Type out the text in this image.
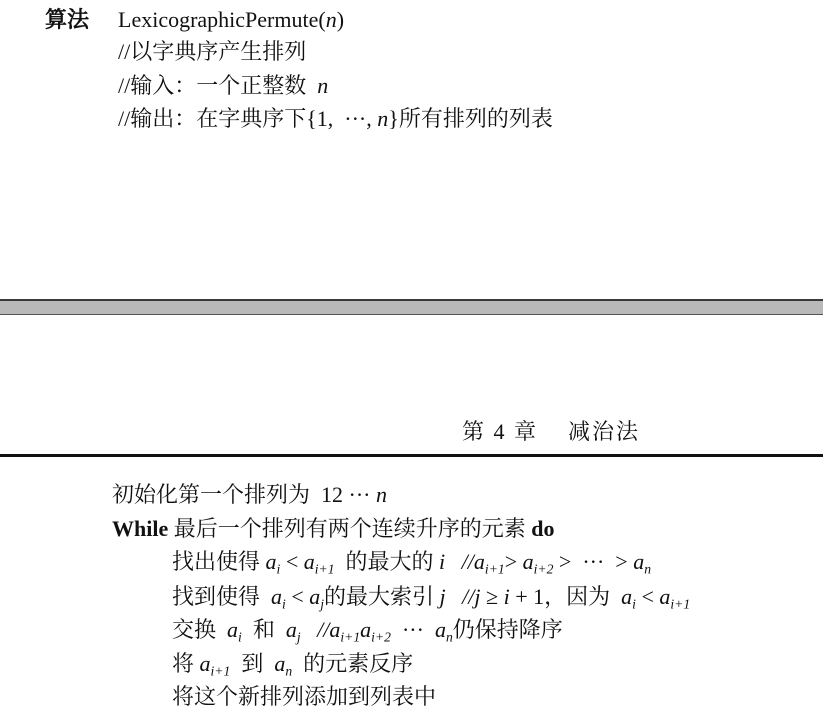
算法	LexicographicPermute( n )
//以字典序产生排列
//输入：一个正整数 n
//输出：在字典序下{1,  ···, n }所有排列的列表
第 4 章 减治法
初始化第一个排列为  12 ··· n
While 最后一个排列有两个连续升序的元素 do
找出使得 $a_i < a_{i+1}$ 的最大的 $i // a_{i+1} > a_{i+2}$ >  ···  > $a_n$
找到使得 $a_i < a_j$ 的最大索引 j // j ≥ i + 1，因为 $a_i < a_{i+1}$
交换 $a_i$ 和 $a_j // a_{i+1}$ $a_{i+2}$ ··· $a_n$ 仍保持降序
将 $a_{i+1}$ 到 $a_n$ 的元素反序
将这个新排列添加到列表中
